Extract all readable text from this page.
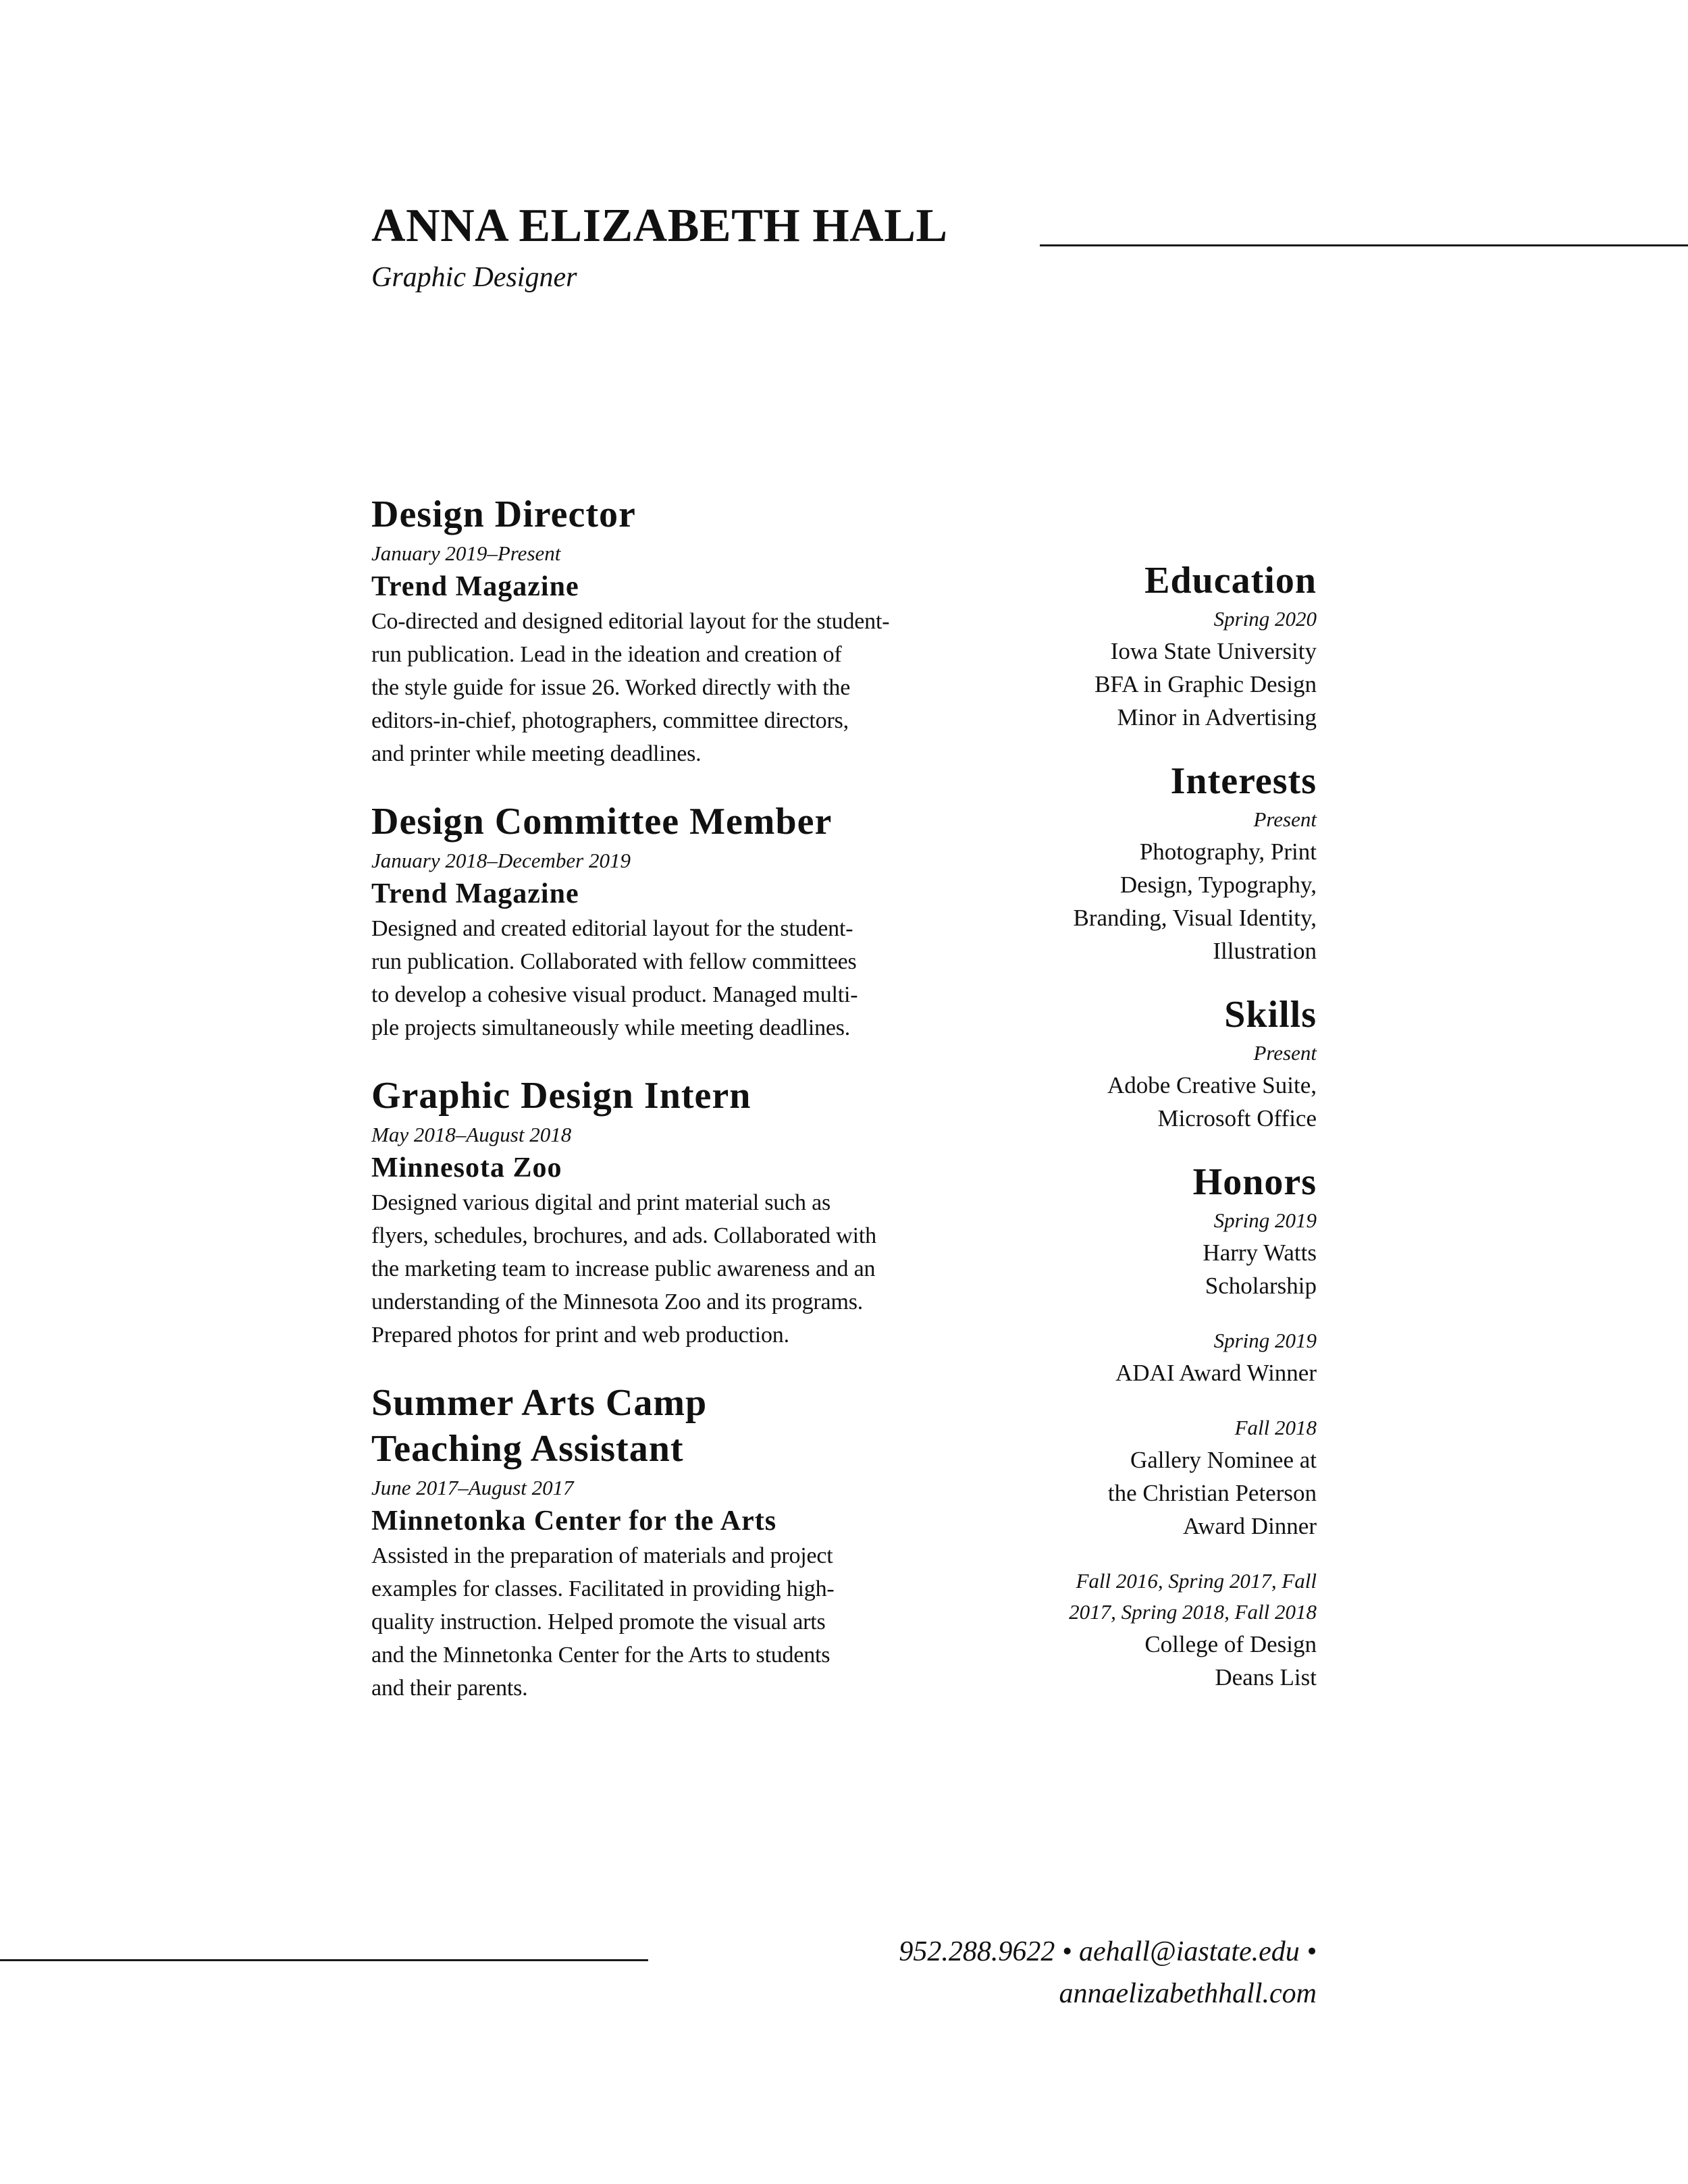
ANNA ELIZABETH HALL
Graphic Designer
Design Director
January 2019–Present
Trend Magazine
Co-directed and designed editorial layout for the student-
run publication. Lead in the ideation and creation of
the style guide for issue 26. Worked directly with the
editors-in-chief, photographers, committee directors,
and printer while meeting deadlines.
Design Committee Member
January 2018–December 2019
Trend Magazine
Designed and created editorial layout for the student-
run publication. Collaborated with fellow committees
to develop a cohesive visual product. Managed multi-
ple projects simultaneously while meeting deadlines.
Graphic Design Intern
May 2018–August 2018
Minnesota Zoo
Designed various digital and print material such as
flyers, schedules, brochures, and ads. Collaborated with
the marketing team to increase public awareness and an
understanding of the Minnesota Zoo and its programs.
Prepared photos for print and web production.
Summer Arts Camp
Teaching Assistant
June 2017–August 2017
Minnetonka Center for the Arts
Assisted in the preparation of materials and project
examples for classes. Facilitated in providing high-
quality instruction. Helped promote the visual arts
and the Minnetonka Center for the Arts to students
and their parents.
Education
Spring 2020
Iowa State University
BFA in Graphic Design
Minor in Advertising
Interests
Present
Photography, Print
Design, Typography,
Branding, Visual Identity,
Illustration
Skills
Present
Adobe Creative Suite,
Microsoft Office
Honors
Spring 2019
Harry Watts
Scholarship
Spring 2019
ADAI Award Winner
Fall 2018
Gallery Nominee at
the Christian Peterson
Award Dinner
Fall 2016, Spring 2017, Fall
2017, Spring 2018, Fall 2018
College of Design
Deans List
952.288.9622 • aehall@iastate.edu •
annaelizabethhall.com
